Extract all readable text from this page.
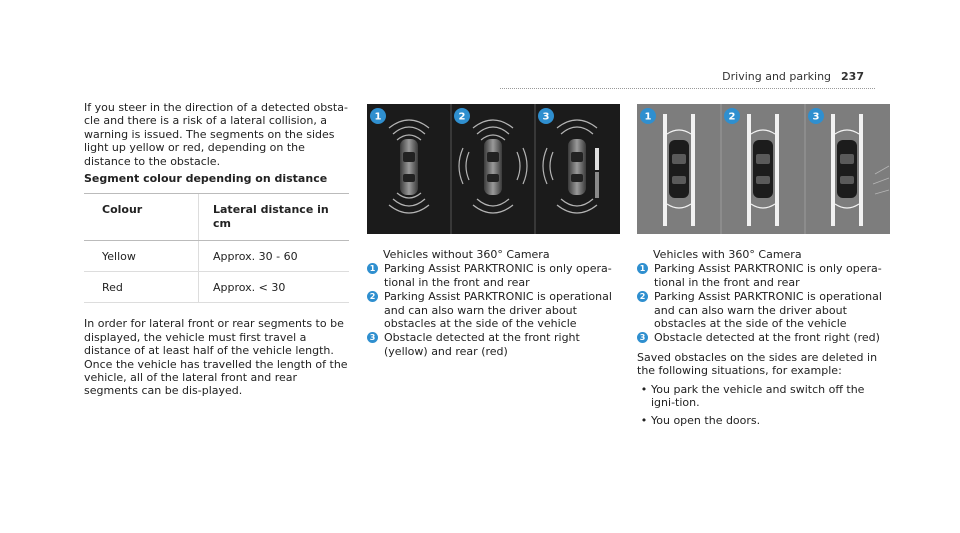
Driving and parking 237

If you steer in the direction of a detected obsta-cle and there is a risk of a lateral collision, a warning is issued. The segments on the sides light up yellow or red, depending on the distance to the obstacle.

Segment colour depending on distance
Colour	Lateral distance in cm
Yellow	Approx. 30 - 60
Red	Approx. < 30

In order for lateral front or rear segments to be displayed, the vehicle must first travel a distance of at least half of the vehicle length. Once the vehicle has travelled the length of the vehicle, all of the lateral front and rear segments can be dis-played.

1	2	3	1	2	3
Vehicles without 360° Camera
1 Parking Assist PARKTRONIC is only opera-tional in the front and rear
2 Parking Assist PARKTRONIC is operational and can also warn the driver about obstacles at the side of the vehicle
3 Obstacle detected at the front right (yellow) and rear (red)
Vehicles with 360° Camera
1 Parking Assist PARKTRONIC is only opera-tional in the front and rear
2 Parking Assist PARKTRONIC is operational and can also warn the driver about obstacles at the side of the vehicle
3 Obstacle detected at the front right (red)
Saved obstacles on the sides are deleted in the following situations, for example:
• You park the vehicle and switch off the igni-tion.
• You open the doors.
